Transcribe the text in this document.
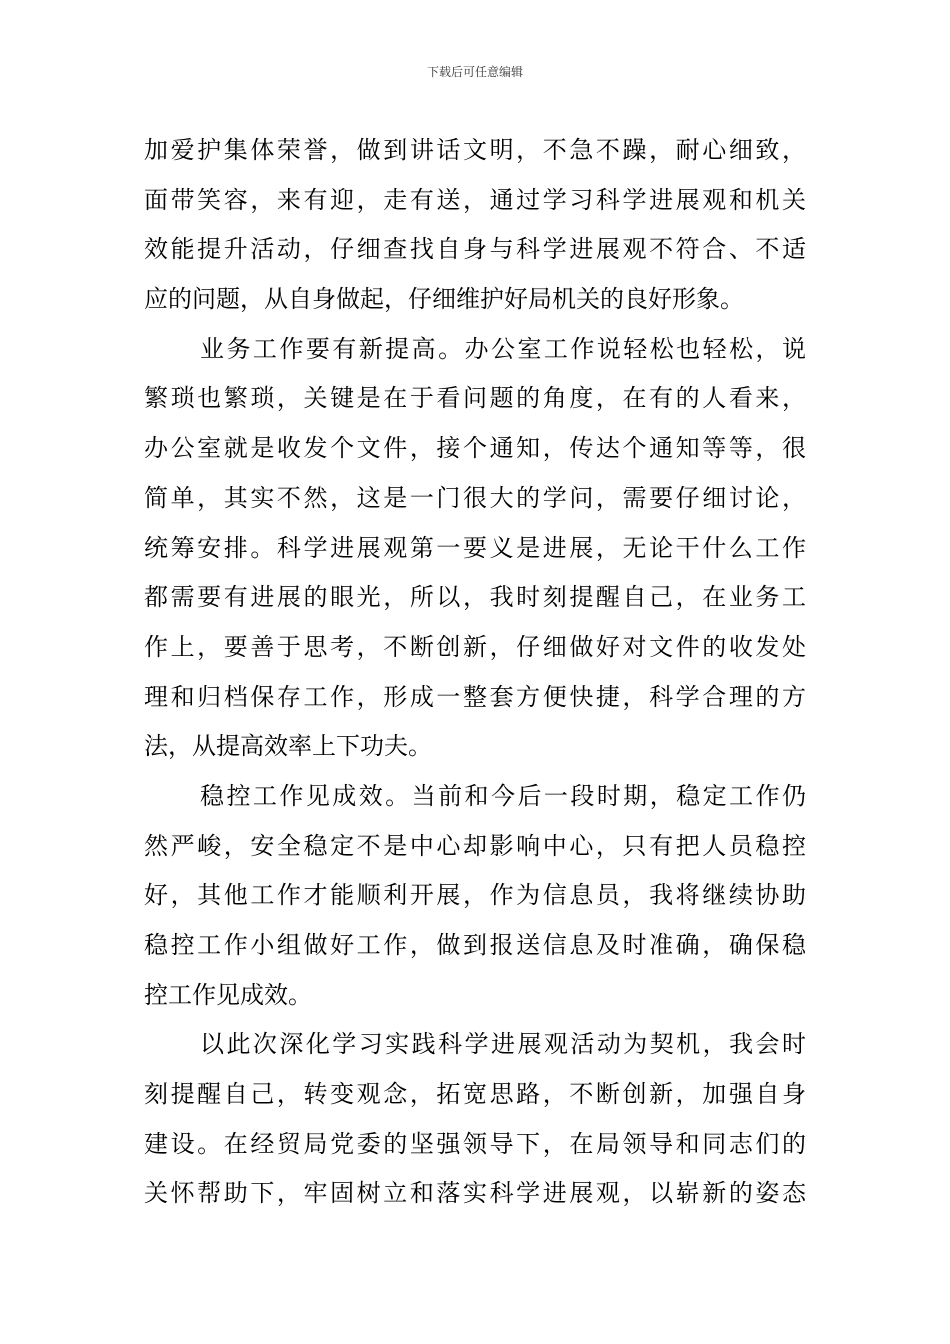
下载后可任意编辑
加爱护集体荣誉，做到讲话文明，不急不躁，耐心细致，
面带笑容，来有迎，走有送，通过学习科学进展观和机关
效能提升活动，仔细查找自身与科学进展观不符合、不适
应的问题，从自身做起，仔细维护好局机关的良好形象。
业务工作要有新提高。办公室工作说轻松也轻松，说
繁琐也繁琐，关键是在于看问题的角度，在有的人看来，
办公室就是收发个文件，接个通知，传达个通知等等，很
简单，其实不然，这是一门很大的学问，需要仔细讨论，
统筹安排。科学进展观第一要义是进展，无论干什么工作
都需要有进展的眼光，所以，我时刻提醒自己，在业务工
作上，要善于思考，不断创新，仔细做好对文件的收发处
理和归档保存工作，形成一整套方便快捷，科学合理的方
法，从提高效率上下功夫。
稳控工作见成效。当前和今后一段时期，稳定工作仍
然严峻，安全稳定不是中心却影响中心，只有把人员稳控
好，其他工作才能顺利开展，作为信息员，我将继续协助
稳控工作小组做好工作，做到报送信息及时准确，确保稳
控工作见成效。
以此次深化学习实践科学进展观活动为契机，我会时
刻提醒自己，转变观念，拓宽思路，不断创新，加强自身
建设。在经贸局党委的坚强领导下，在局领导和同志们的
关怀帮助下，牢固树立和落实科学进展观，以崭新的姿态
